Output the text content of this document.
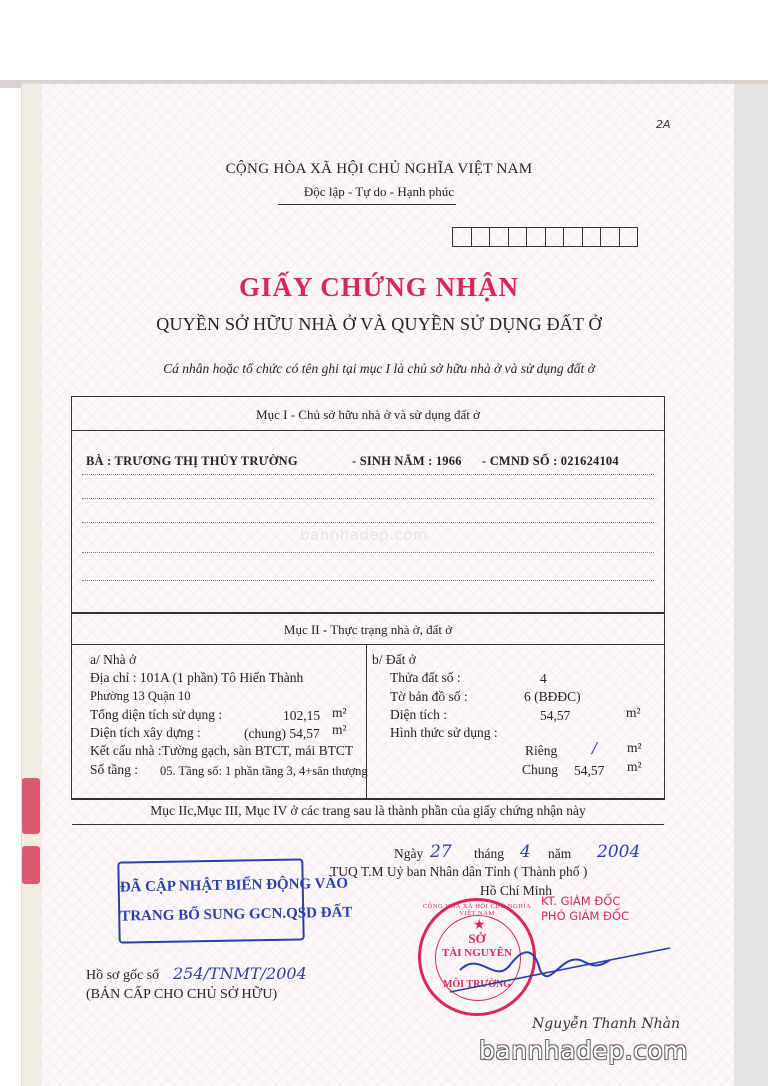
2A
CỘNG HÒA XÃ HỘI CHỦ NGHĨA VIỆT NAM
Độc lập - Tự do - Hạnh phúc
GIẤY CHỨNG NHẬN
QUYỀN SỞ HỮU NHÀ Ở VÀ QUYỀN SỬ DỤNG ĐẤT Ở
Cá nhân hoặc tổ chức có tên ghi tại mục I là chủ sở hữu nhà ở và sử dụng đất ở
Mục I - Chủ sở hữu nhà ở và sử dụng đất ở
BÀ : TRƯƠNG THỊ THỦY TRƯỜNG	- SINH NĂM : 1966 - CMND SỐ : 021624104
bannhadep.com
Mục II - Thực trạng nhà ở, đất ở
a/ Nhà ở
Địa chỉ : 101A (1 phần) Tô Hiến Thành
Phường 13 Quận 10
Tổng diện tích sử dụng :	102,15 m²
Diện tích xây dựng :	(chung) 54,57 m²
Kết cấu nhà :Tường gạch, sàn BTCT, mái BTCT
Số tầng : 05. Tầng số: 1 phần tầng 3, 4+sân thượng
b/ Đất ở
Thửa đất số :	4
Tờ bản đồ số :	6 (BĐĐC)
Diện tích :	54,57	m²
Hình thức sử dụng :
Riêng / m²
Chung 54,57 m²
Mục IIc,Mục III, Mục IV ở các trang sau là thành phần của giấy chứng nhận này
Ngày 27 tháng 4 năm 2004
TUQ T.M Uỷ ban Nhân dân Tỉnh ( Thành phố )
Hồ Chí Minh
KT. GIÁM ĐỐC
PHÓ GIÁM ĐỐC
ĐÃ CẬP NHẬT BIẾN ĐỘNG VÀO
TRANG BỔ SUNG GCN.QSD ĐẤT	CỘNG HÒA XÃ HỘI CHỦ NGHĨA VIỆT NAM
★
SỞ
TÀI NGUYÊN
MÔI TRƯỜNG
Nguyễn Thanh Nhàn
Hồ sơ gốc số 254/TNMT/2004
(BẢN CẤP CHO CHỦ SỞ HỮU)
bannhadep.com
